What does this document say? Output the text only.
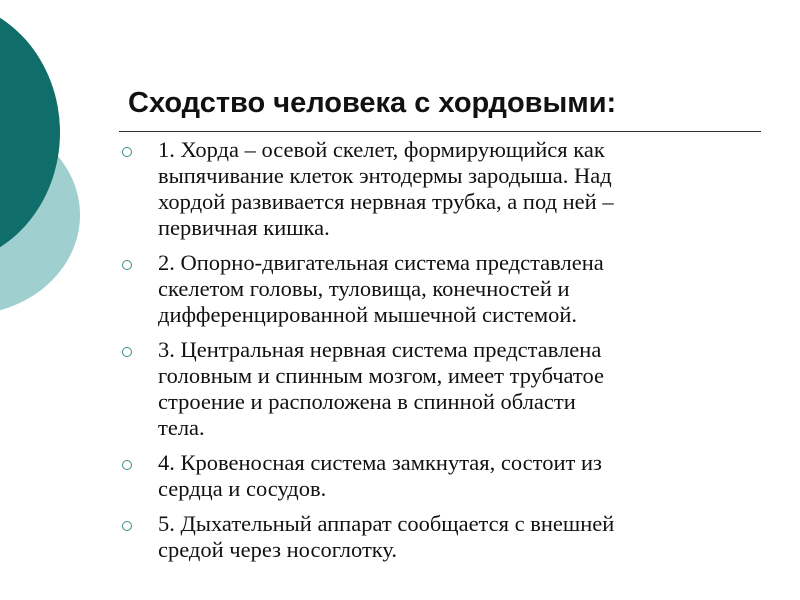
Сходство человека с хордовыми:
1. Хорда – осевой скелет, формирующийся как
выпячивание клеток энтодермы зародыша. Над
хордой развивается нервная трубка, а под ней –
первичная кишка.
2. Опорно-двигательная система представлена
скелетом головы, туловища, конечностей и
дифференцированной мышечной системой.
3. Центральная нервная система представлена
головным и спинным мозгом, имеет трубчатое
строение и расположена в спинной области
тела.
4. Кровеносная система замкнутая, состоит из
сердца и сосудов.
5. Дыхательный аппарат сообщается с внешней
средой через носоглотку.
